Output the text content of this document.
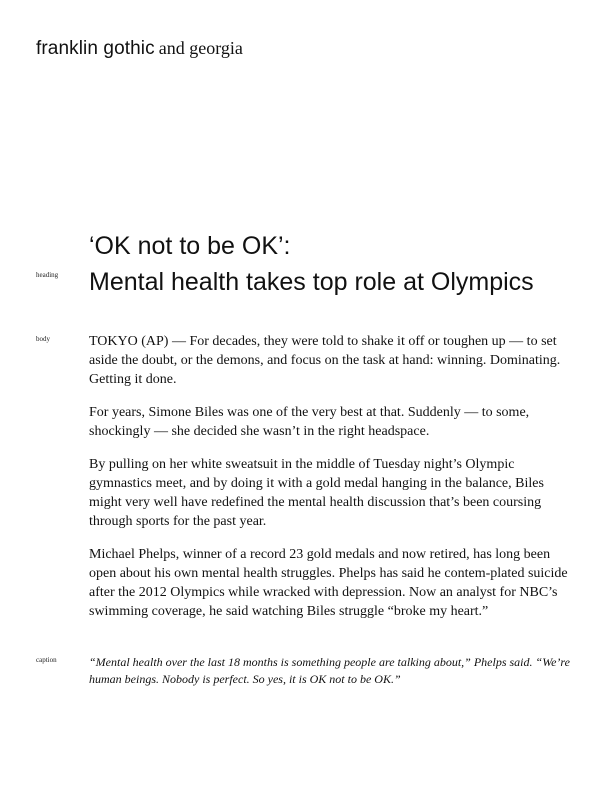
franklin gothic and georgia
heading
‘OK not to be OK’:
Mental health takes top role at Olympics
body	TOKYO (AP) — For decades, they were told to shake it off or toughen up — to set aside the doubt, or the demons, and focus on the task at hand: winning. Dominating. Getting it done.

For years, Simone Biles was one of the very best at that. Suddenly — to some, shockingly — she decided she wasn’t in the right headspace.

By pulling on her white sweatsuit in the middle of Tuesday night’s Olympic gymnastics meet, and by doing it with a gold medal hanging in the balance, Biles might very well have redefined the mental health discussion that’s been coursing through sports for the past year.

Michael Phelps, winner of a record 23 gold medals and now retired, has long been open about his own mental health struggles. Phelps has said he contem-plated suicide after the 2012 Olympics while wracked with depression. Now an analyst for NBC’s swimming coverage, he said watching Biles struggle “broke my heart.”

caption	“Mental health over the last 18 months is something people are talking about,” Phelps said. “We’re human beings. Nobody is perfect. So yes, it is OK not to be OK.”
